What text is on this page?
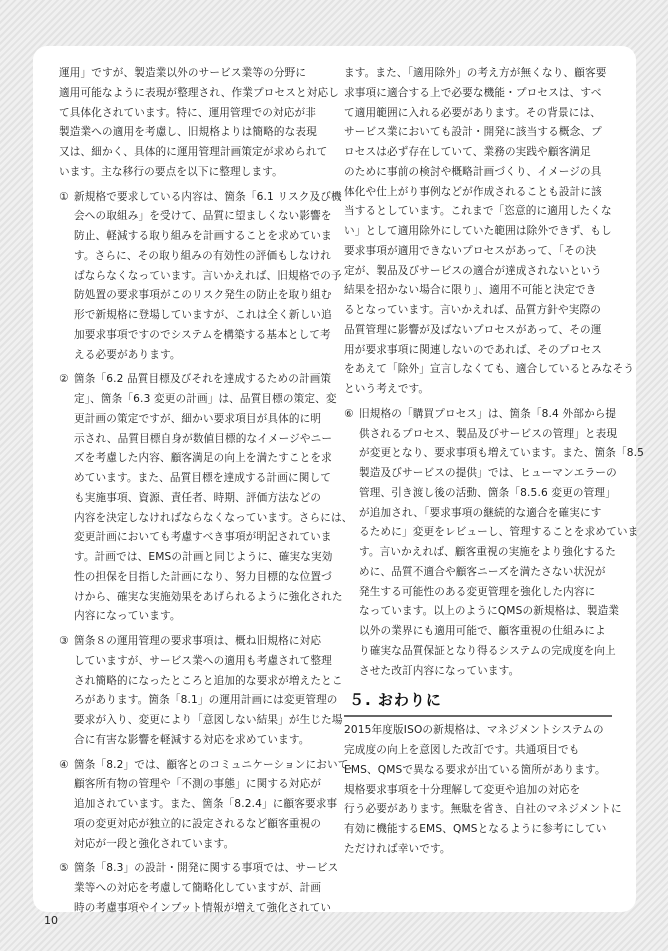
運用」ですが、製造業以外のサービス業等の分野に
適用可能なように表現が整理され、作業プロセスと対応し
て具体化されています。特に、運用管理での対応が非
製造業への適用を考慮し、旧規格よりは簡略的な表現
又は、細かく、具体的に運用管理計画策定が求められて
います。主な移行の要点を以下に整理します。
① 新規格で要求している内容は、箇条「6.1 リスク及び機
会への取組み」を受けて、品質に望ましくない影響を
防止、軽減する取り組みを計画することを求めていま
す。さらに、その取り組みの有効性の評価もしなけれ
ばならなくなっています。言いかえれば、旧規格での予
防処置の要求事項がこのリスク発生の防止を取り組む
形で新規格に登場していますが、これは全く新しい追
加要求事項ですのでシステムを構築する基本として考
える必要があります。
② 箇条「6.2 品質目標及びそれを達成するための計画策
定」、箇条「6.3 変更の計画」は、品質目標の策定、変
更計画の策定ですが、細かい要求項目が具体的に明
示され、品質目標自身が数値目標的なイメージやニー
ズを考慮した内容、顧客満足の向上を満たすことを求
めています。また、品質目標を達成する計画に関して
も実施事項、資源、責任者、時期、評価方法などの
内容を決定しなければならなくなっています。さらには、
変更計画においても考慮すべき事項が明記されていま
す。計画では、EMSの計画と同じように、確実な実効
性の担保を目指した計画になり、努力目標的な位置づ
けから、確実な実施効果をあげられるように強化された
内容になっています。
③ 箇条８の運用管理の要求事項は、概ね旧規格に対応
していますが、サービス業への適用も考慮されて整理
され簡略的になったところと追加的な要求が増えたとこ
ろがあります。箇条「8.1」の運用計画には変更管理の
要求が入り、変更により「意図しない結果」が生じた場
合に有害な影響を軽減する対応を求めています。
④ 箇条「8.2」では、顧客とのコミュニケーションにおいて、
顧客所有物の管理や「不測の事態」に関する対応が
追加されています。また、箇条「8.2.4」に顧客要求事
項の変更対応が独立的に設定されるなど顧客重視の
対応が一段と強化されています。
⑤ 箇条「8.3」の設計・開発に関する事項では、サービス
業等への対応を考慮して簡略化していますが、計画
時の考慮事項やインプット情報が増えて強化されてい
ます。また、「適用除外」の考え方が無くなり、顧客要
求事項に適合する上で必要な機能・プロセスは、すべ
て適用範囲に入れる必要があります。その背景には、
サービス業においても設計・開発に該当する概念、プ
ロセスは必ず存在していて、業務の実践や顧客満足
のために事前の検討や概略計画づくり、イメージの具
体化や仕上がり事例などが作成されることも設計に該
当するとしています。これまで「恣意的に適用したくな
い」として適用除外にしていた範囲は除外できず、もし
要求事項が適用できないプロセスがあって、「その決
定が、製品及びサービスの適合が達成されないという
結果を招かない場合に限り」、適用不可能と決定でき
るとなっています。言いかえれば、品質方針や実際の
品質管理に影響が及ばないプロセスがあって、その運
用が要求事項に関連しないのであれば、そのプロセス
をあえて「除外」宣言しなくても、適合しているとみなそう
という考えです。
⑥ 旧規格の「購買プロセス」は、箇条「8.4 外部から提
供されるプロセス、製品及びサービスの管理」と表現
が変更となり、要求事項も増えています。また、箇条「8.5
製造及びサービスの提供」では、ヒューマンエラーの
管理、引き渡し後の活動、箇条「8.5.6 変更の管理」
が追加され、「要求事項の継続的な適合を確実にす
るために」変更をレビューし、管理することを求めていま
す。言いかえれば、顧客重視の実施をより強化するた
めに、品質不適合や顧客ニーズを満たさない状況が
発生する可能性のある変更管理を強化した内容に
なっています。以上のようにQMSの新規格は、製造業
以外の業界にも適用可能で、顧客重視の仕組みによ
り確実な品質保証となり得るシステムの完成度を向上
させた改訂内容になっています。
５. おわりに
2015年度版ISOの新規格は、マネジメントシステムの
完成度の向上を意図した改訂です。共通項目でも
EMS、QMSで異なる要求が出ている箇所があります。
規格要求事項を十分理解して変更や追加の対応を
行う必要があります。無駄を省き、自社のマネジメントに
有効に機能するEMS、QMSとなるように参考にしてい
ただければ幸いです。
10
